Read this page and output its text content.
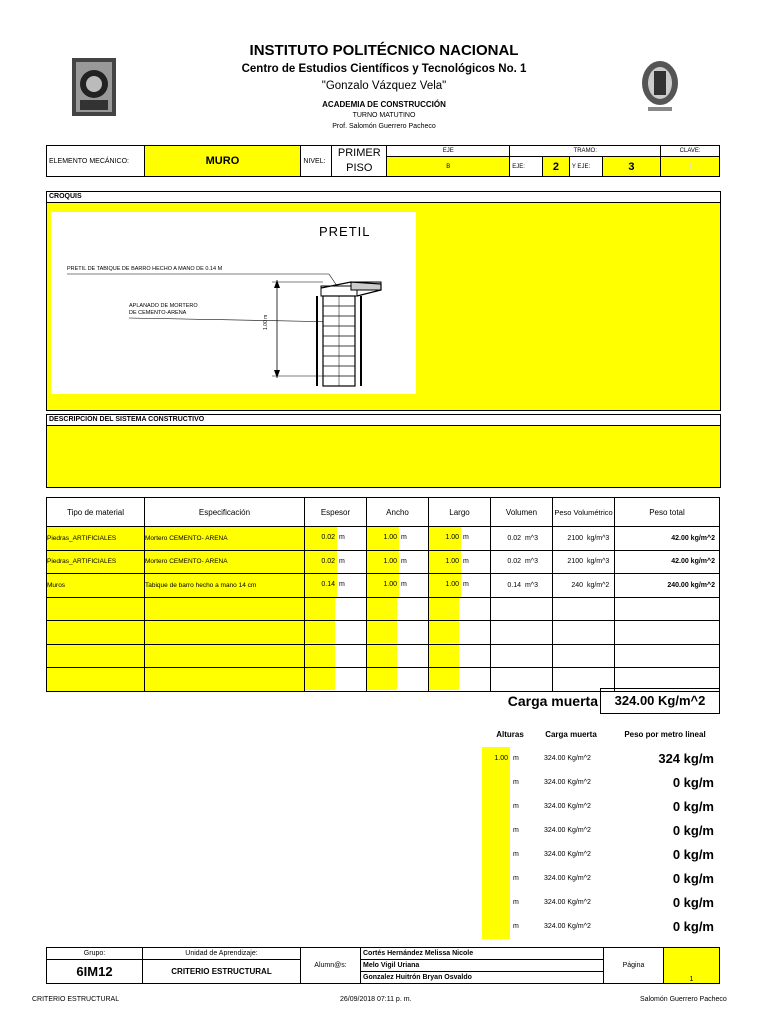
INSTITUTO POLITÉCNICO NACIONAL
Centro de Estudios Científicos y Tecnológicos No. 1
"Gonzalo Vázquez Vela"
ACADEMIA DE CONSTRUCCIÓN
TURNO MATUTINO
Prof. Salomón Guerrero Pacheco
ELEMENTO MECÁNICO:	MURO	NIVEL:	PRIMER
PISO	EJE	TRAMO:				CLAVE:
				B	EJE:	2	Y EJE:	3	I
CROQUIS
PRETIL
PRETIL DE TABIQUE DE BARRO HECHO A MANO DE 0.14 M
APLANADO DE MORTERO
DE CEMENTO-ARENA
1.00 m
DESCRIPCIÓN DEL SISTEMA CONSTRUCTIVO
Tipo de material	Especificación	Espesor	Ancho	Largo	Volumen	Peso Volumétrico	Peso total
Piedras_ARTIFICIALES	Mortero CEMENTO- ARENA	0.02 m	1.00 m	1.00 m	0.02 m^3	2100 kg/m^3	42.00 kg/m^2
Piedras_ARTIFICIALES	Mortero CEMENTO- ARENA	0.02 m	1.00 m	1.00 m	0.02 m^3	2100 kg/m^3	42.00 kg/m^2
Muros	Tabique de barro hecho a mano 14 cm	0.14 m	1.00 m	1.00 m	0.14 m^3	240 kg/m^2	240.00 kg/m^2

Carga muerta	324.00 Kg/m^2
Alturas	Carga muerta	Peso por metro lineal
1.00 m	324.00 Kg/m^2	324 kg/m
m	324.00 Kg/m^2	0 kg/m
m	324.00 Kg/m^2	0 kg/m
m	324.00 Kg/m^2	0 kg/m
m	324.00 Kg/m^2	0 kg/m
m	324.00 Kg/m^2	0 kg/m
m	324.00 Kg/m^2	0 kg/m
m	324.00 Kg/m^2	0 kg/m
Grupo:	Unidad de Aprendizaje:	Alumn@s:	Cortés Hernández Melissa Nicole	Página	1
6IM12	CRITERIO ESTRUCTURAL		Melo Vigil Uriana		
			Gonzalez Huitrón Bryan Osvaldo		
CRITERIO ESTRUCTURAL	26/09/2018 07:11 p. m.	Salomón Guerrero Pacheco
